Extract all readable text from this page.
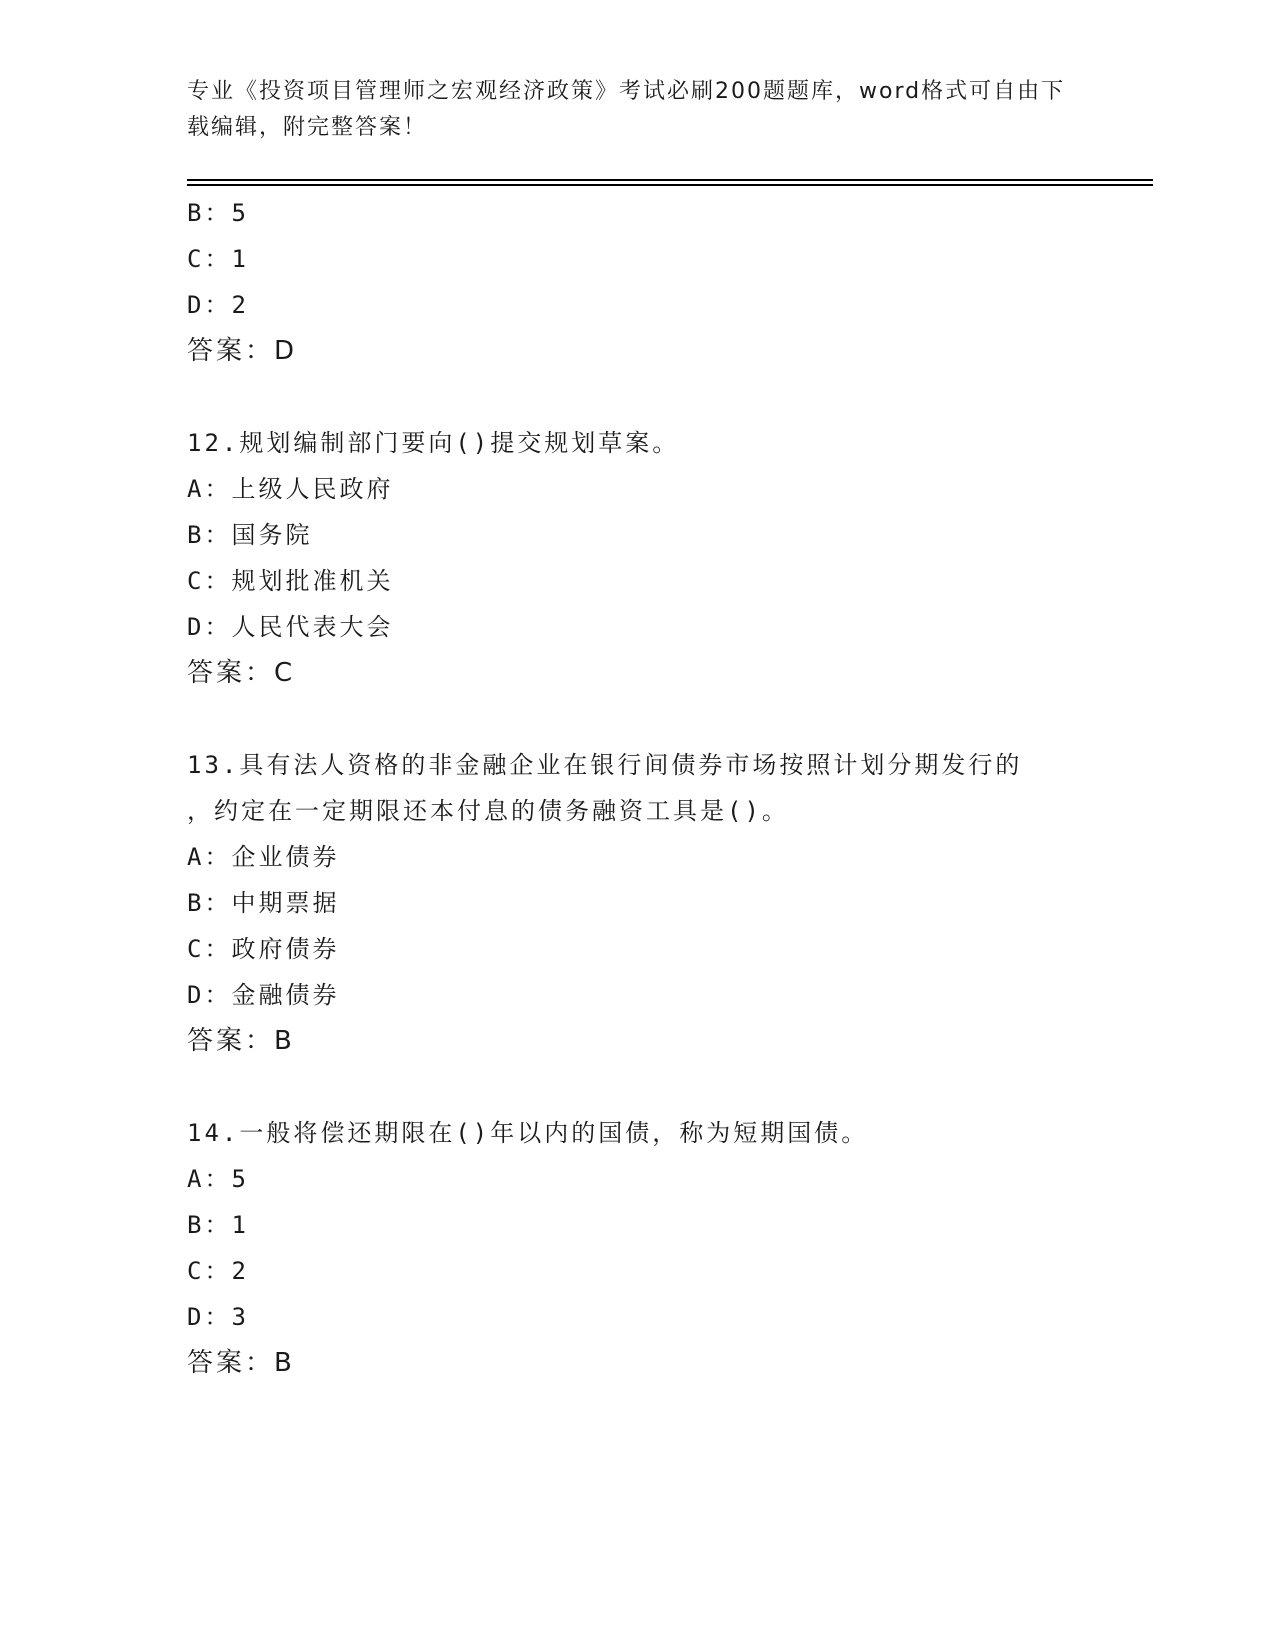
专业《投资项目管理师之宏观经济政策》考试必刷200题题库，word格式可自由下载编辑，附完整答案！
B：5
C：1
D：2
答案：D
12.规划编制部门要向()提交规划草案。
A：上级人民政府
B：国务院
C：规划批准机关
D：人民代表大会
答案：C
13.具有法人资格的非金融企业在银行间债券市场按照计划分期发行的
，约定在一定期限还本付息的债务融资工具是()。
A：企业债券
B：中期票据
C：政府债券
D：金融债券
答案：B
14.一般将偿还期限在()年以内的国债，称为短期国债。
A：5
B：1
C：2
D：3
答案：B
